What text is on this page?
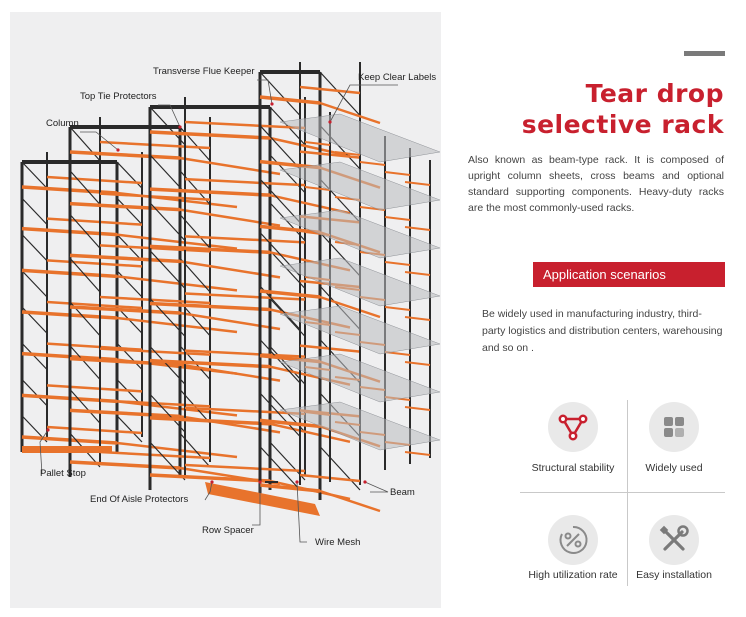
Transverse Flue Keeper
Keep Clear Labels
Top Tie Protectors
Column
Pallet Stop
End Of Aisle Protectors
Beam
Row Spacer
Wire Mesh
Tear drop
selective rack
Also known as beam-type rack. It is composed of upright column sheets, cross beams and optional standard supporting components. Heavy-duty racks are the most commonly-used racks.
Application scenarios
Be widely used in manufacturing industry, third-party logistics and distribution centers, warehousing and so on .
Structural stability	Widely used
High utilization rate	Easy installation
